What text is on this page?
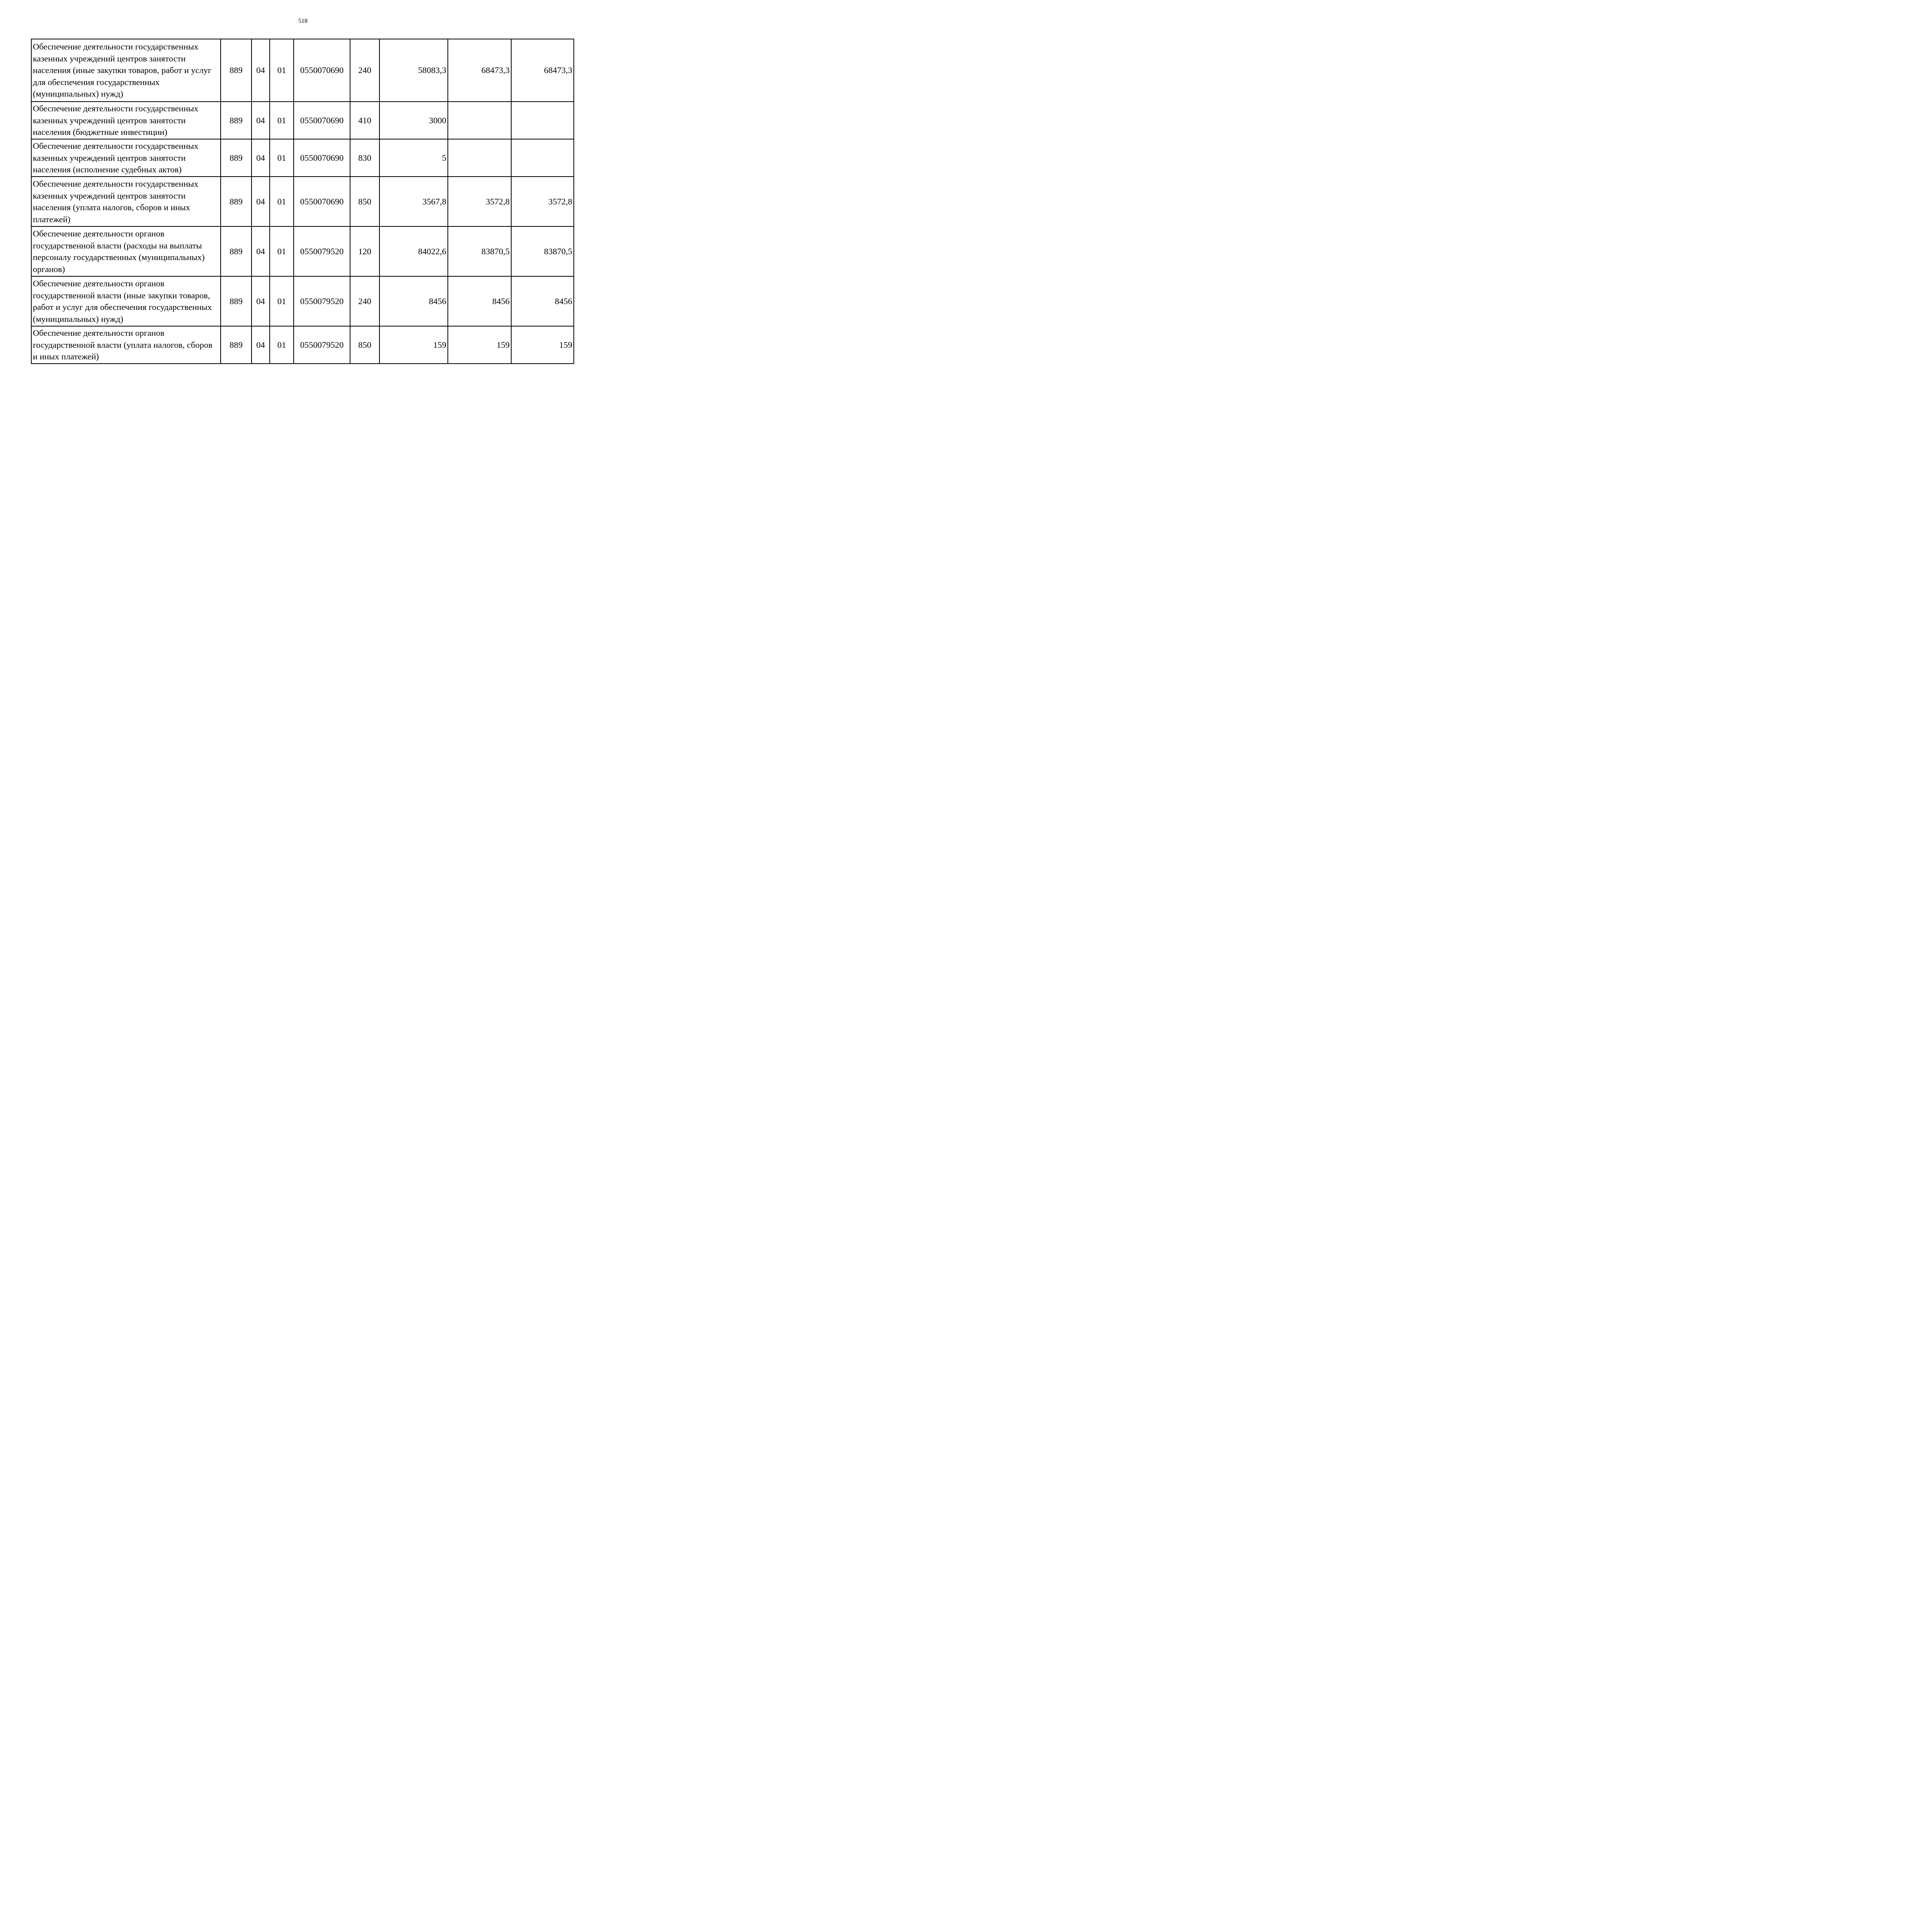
518
Обеспечение деятельности государственных казенных учреждений центров занятости населения (иные закупки товаров, работ и услуг для обеспечения государственных (муниципальных) нужд)	889	04	01	0550070690	240	58083,3	68473,3	68473,3
Обеспечение деятельности государственных казенных учреждений центров занятости населения (бюджетные инвестиции)	889	04	01	0550070690	410	3000		
Обеспечение деятельности государственных казенных учреждений центров занятости населения (исполнение судебных актов)	889	04	01	0550070690	830	5		
Обеспечение деятельности государственных казенных учреждений центров занятости населения (уплата налогов, сборов и иных платежей)	889	04	01	0550070690	850	3567,8	3572,8	3572,8
Обеспечение деятельности органов государственной власти (расходы на выплаты персоналу государственных (муниципальных) органов)	889	04	01	0550079520	120	84022,6	83870,5	83870,5
Обеспечение деятельности органов государственной власти (иные закупки товаров, работ и услуг для обеспечения государственных (муниципальных) нужд)	889	04	01	0550079520	240	8456	8456	8456
Обеспечение деятельности органов государственной власти (уплата налогов, сборов и иных платежей)	889	04	01	0550079520	850	159	159	159
